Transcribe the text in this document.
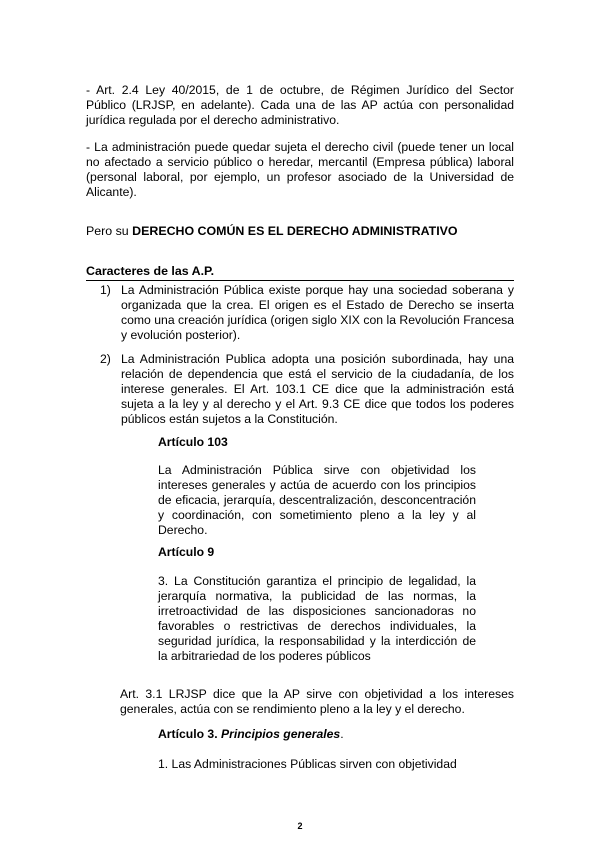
- Art. 2.4 Ley 40/2015, de 1 de octubre, de Régimen Jurídico del Sector Público (LRJSP, en adelante). Cada una de las AP actúa con personalidad jurídica regulada por el derecho administrativo.
- La administración puede quedar sujeta el derecho civil (puede tener un local no afectado a servicio público o heredar, mercantil (Empresa pública) laboral (personal laboral, por ejemplo, un profesor asociado de la Universidad de Alicante).
Pero su DERECHO COMÚN ES EL DERECHO ADMINISTRATIVO
Caracteres de las A.P.
1) La Administración Pública existe porque hay una sociedad soberana y organizada que la crea. El origen es el Estado de Derecho se inserta como una creación jurídica (origen siglo XIX con la Revolución Francesa y evolución posterior).
2) La Administración Publica adopta una posición subordinada, hay una relación de dependencia que está el servicio de la ciudadanía, de los interese generales. El Art. 103.1 CE dice que la administración está sujeta a la ley y al derecho y el Art. 9.3 CE dice que todos los poderes públicos están sujetos a la Constitución.
Artículo 103
La Administración Pública sirve con objetividad los intereses generales y actúa de acuerdo con los principios de eficacia, jerarquía, descentralización, desconcentración y coordinación, con sometimiento pleno a la ley y al Derecho.
Artículo 9
3. La Constitución garantiza el principio de legalidad, la jerarquía normativa, la publicidad de las normas, la irretroactividad de las disposiciones sancionadoras no favorables o restrictivas de derechos individuales, la seguridad jurídica, la responsabilidad y la interdicción de la arbitrariedad de los poderes públicos
Art. 3.1 LRJSP dice que la AP sirve con objetividad a los intereses generales, actúa con se rendimiento pleno a la ley y el derecho.
Artículo 3. Principios generales.
1. Las Administraciones Públicas sirven con objetividad
2
